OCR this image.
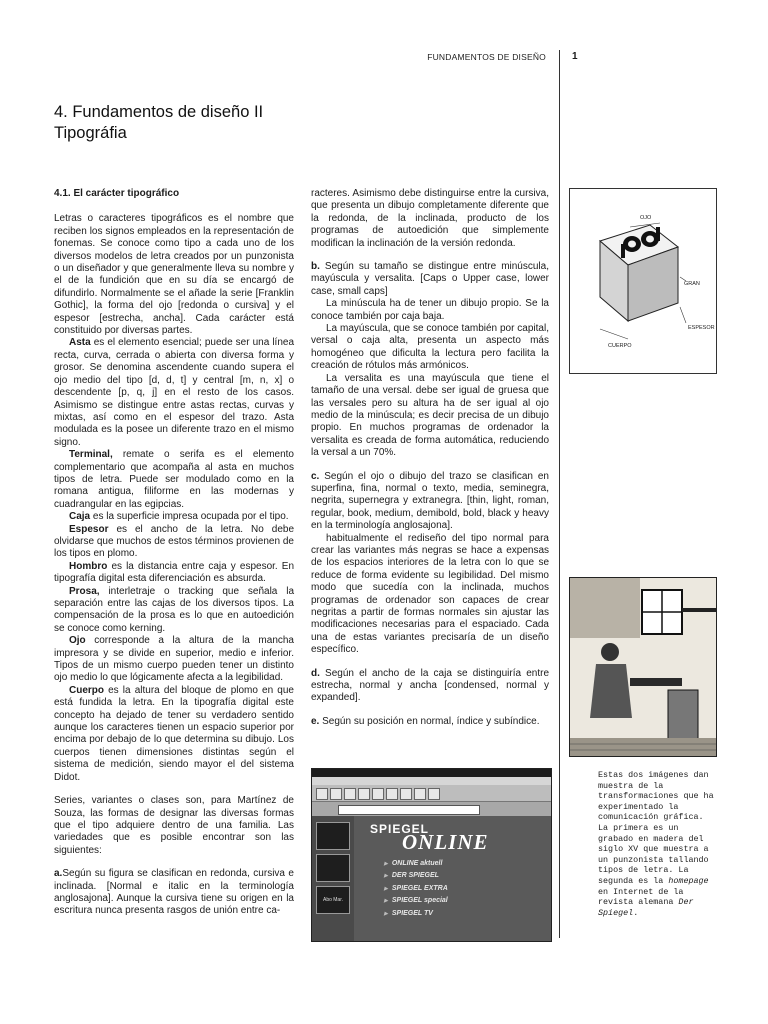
FUNDAMENTOS DE DISEÑO	1
4. Fundamentos de diseño II
Tipográfia

4.1. El carácter tipográfico

Letras o caracteres tipográficos es el nombre que reciben los signos empleados en la representación de fonemas. Se conoce como tipo a cada uno de los diversos modelos de letra creados por un punzonista o un diseñador y que generalmente lleva su nombre y el de la fundición que en su día se encargó de difundirlo. Normalmente se el añade la serie [Franklin Gothic], la forma del ojo [redonda o cursiva] y el espesor [estrecha, ancha]. Cada carácter está constituido por diversas partes.

Asta es el elemento esencial; puede ser una línea recta, curva, cerrada o abierta con diversa forma y grosor. Se denomina ascendente cuando supera el ojo medio del tipo [d, d, t] y central [m, n, x] o descendente [p, q, j] en el resto de los casos. Asimismo se distingue entre astas rectas, curvas y mixtas, así como en el espesor del trazo. Asta modulada es la posee un diferente trazo en el mismo signo.

Terminal, remate o serifa es el elemento complementario que acompaña al asta en muchos tipos de letra. Puede ser modulado como en la romana antigua, filiforme en las modernas y cuadrangular en las egipcias.

Caja es la superficie impresa ocupada por el tipo.

Espesor es el ancho de la letra. No debe olvidarse que muchos de estos términos provienen de los tipos en plomo.

Hombro es la distancia entre caja y espesor. En tipografía digital esta diferenciación es absurda.

Prosa, interletraje o tracking que señala la separación entre las cajas de los diversos tipos. La compensación de la prosa es lo que en autoedición se conoce como kerning.

Ojo corresponde a la altura de la mancha impresora y se divide en superior, medio e inferior. Tipos de un mismo cuerpo pueden tener un distinto ojo medio lo que lógicamente afecta a la legibilidad.

Cuerpo es la altura del bloque de plomo en que está fundida la letra. En la tipografía digital este concepto ha dejado de tener su verdadero sentido aunque los caracteres tienen un espacio superior por encima por debajo de lo que determina su dibujo. Los cuerpos tienen dimensiones distintas según el sistema de medición, siendo mayor el del sistema Didot.

Series, variantes o clases son, para Martínez de Souza, las formas de designar las diversas formas que el tipo adquiere dentro de una familia. Las variedades que es posible encontrar son las siguientes:

a.Según su figura se clasifican en redonda, cursiva e inclinada. [Normal e italic en la terminología anglosajona]. Aunque la cursiva tiene su origen en la escritura nunca presenta rasgos de unión entre ca-

racteres. Asimismo debe distinguirse entre la cursiva, que presenta un dibujo completamente diferente que la redonda, de la inclinada, producto de los programas de autoedición que simplemente modifican la inclinación de la versión redonda.

b. Según su tamaño se distingue entre minúscula, mayúscula y versalita. [Caps o Upper case, lower case, small caps]

La minúscula ha de tener un dibujo propio. Se la conoce también por caja baja.

La mayúscula, que se conoce también por capital, versal o caja alta, presenta un aspecto más homogéneo que dificulta la lectura pero facilita la creación de rótulos más armónicos.

La versalita es una mayúscula que tiene el tamaño de una versal. debe ser igual de gruesa que las versales pero su altura ha de ser igual al ojo medio de la minúscula; es decir precisa de un dibujo propio. En muchos programas de ordenador la versalita es creada de forma automática, reduciendo la versal a un 70%.

c. Según el ojo o dibujo del trazo se clasifican en superfina, fina, normal o texto, media, seminegra, negrita, supernegra y extranegra. [thin, light, roman, regular, book, medium, demibold, bold, black y heavy en la terminología anglosajona].

habitualmente el rediseño del tipo normal para crear las variantes más negras se hace a expensas de los espacios interiores de la letra con lo que se reduce de forma evidente su legibilidad. Del mismo modo que sucedía con la inclinada, muchos programas de ordenador son capaces de crear negritas a partir de formas normales sin ajustar las modificaciones necesarias para el espaciado. Cada una de estas variantes precisaría de un diseño específico.

d. Según el ancho de la caja se distinguiría entre estrecha, normal y ancha [condensed, normal y expanded].

e. Según su posición en normal, índice y subíndice.

OJO
GRAN
ESPESOR
CUERPO
Estas dos imágenes dan muestra de la transformaciones que ha experimentado la comunicación gráfica. La primera es un grabado en madera del siglo XV que muestra a un punzonista tallando tipos de letra. La segunda es la homepage en Internet de la revista alemana Der Spiegel.
Abo Mar.
SPIEGEL
ONLINE
▶ ONLINE aktuell
▶ DER SPIEGEL
▶ SPIEGEL EXTRA
▶ SPIEGEL special
▶ SPIEGEL TV
